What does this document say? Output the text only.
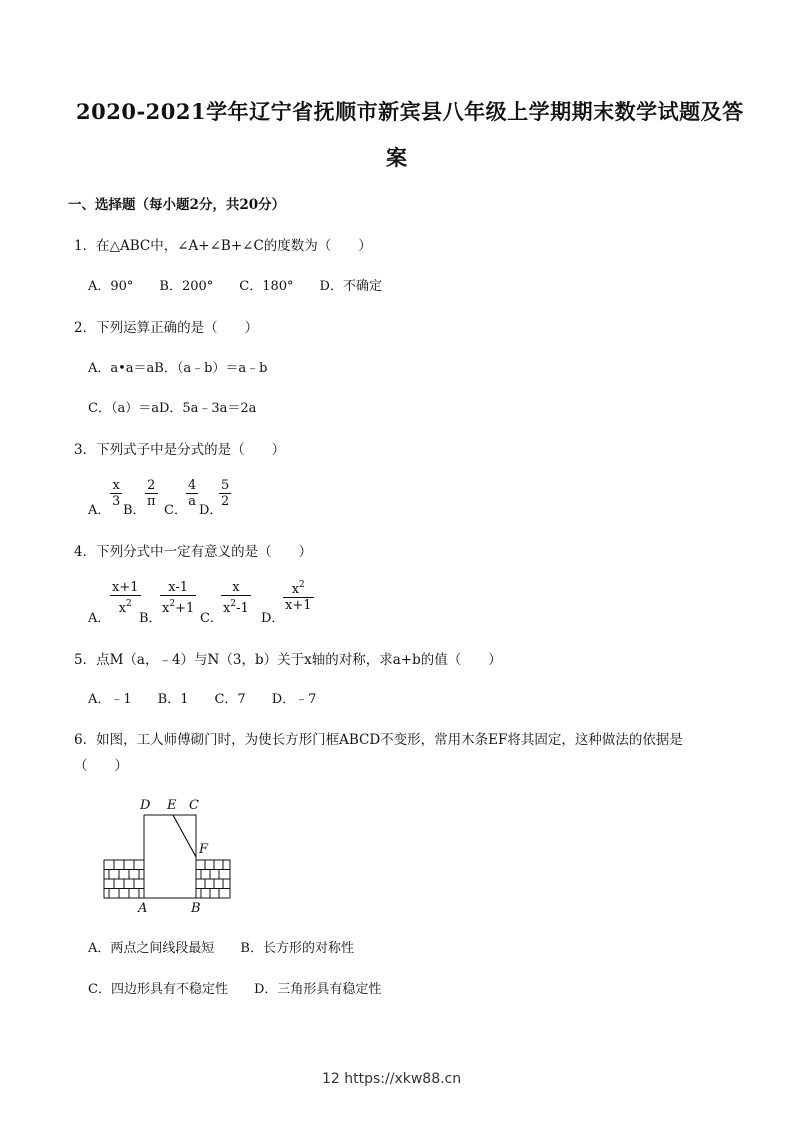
2020-2021学年辽宁省抚顺市新宾县八年级上学期期末数学试题及答
案
一、选择题（每小题2分，共20分）
1．在△ABC中，∠A+∠B+∠C的度数为（　　）
A．90°　　B．200°　　C．180°　　D．不确定
2．下列运算正确的是（　　）
A．a•a＝aB．（a﹣b）＝a﹣b
C．（a）＝aD．5a﹣3a＝2a
3．下列式子中是分式的是（　　）
A．
$\frac{x}{3}$
B．
$\frac{2}{\pi}$
C．
$\frac{4}{a}$
D．
$\frac{5}{2}$
4．下列分式中一定有意义的是（　　）
A．
$\frac{x+1}{x^2}$
B．
$\frac{x-1}{x^2+1}$
C．
$\frac{x}{x^2-1}$
D．
$\frac{x^2}{x+1}$
5．点M（a，﹣4）与N（3，b）关于x轴的对称，求a+b的值（　　）
A．﹣1　　B．1　　C．7　　D．﹣7
6．如图，工人师傅砌门时，为使长方形门框ABCD不变形，常用木条EF将其固定，这种做法的依据是
（　　）
D E C
F
A	B
A．两点之间线段最短　　B．长方形的对称性
C．四边形具有不稳定性　　D．三角形具有稳定性
12 https://xkw88.cn
